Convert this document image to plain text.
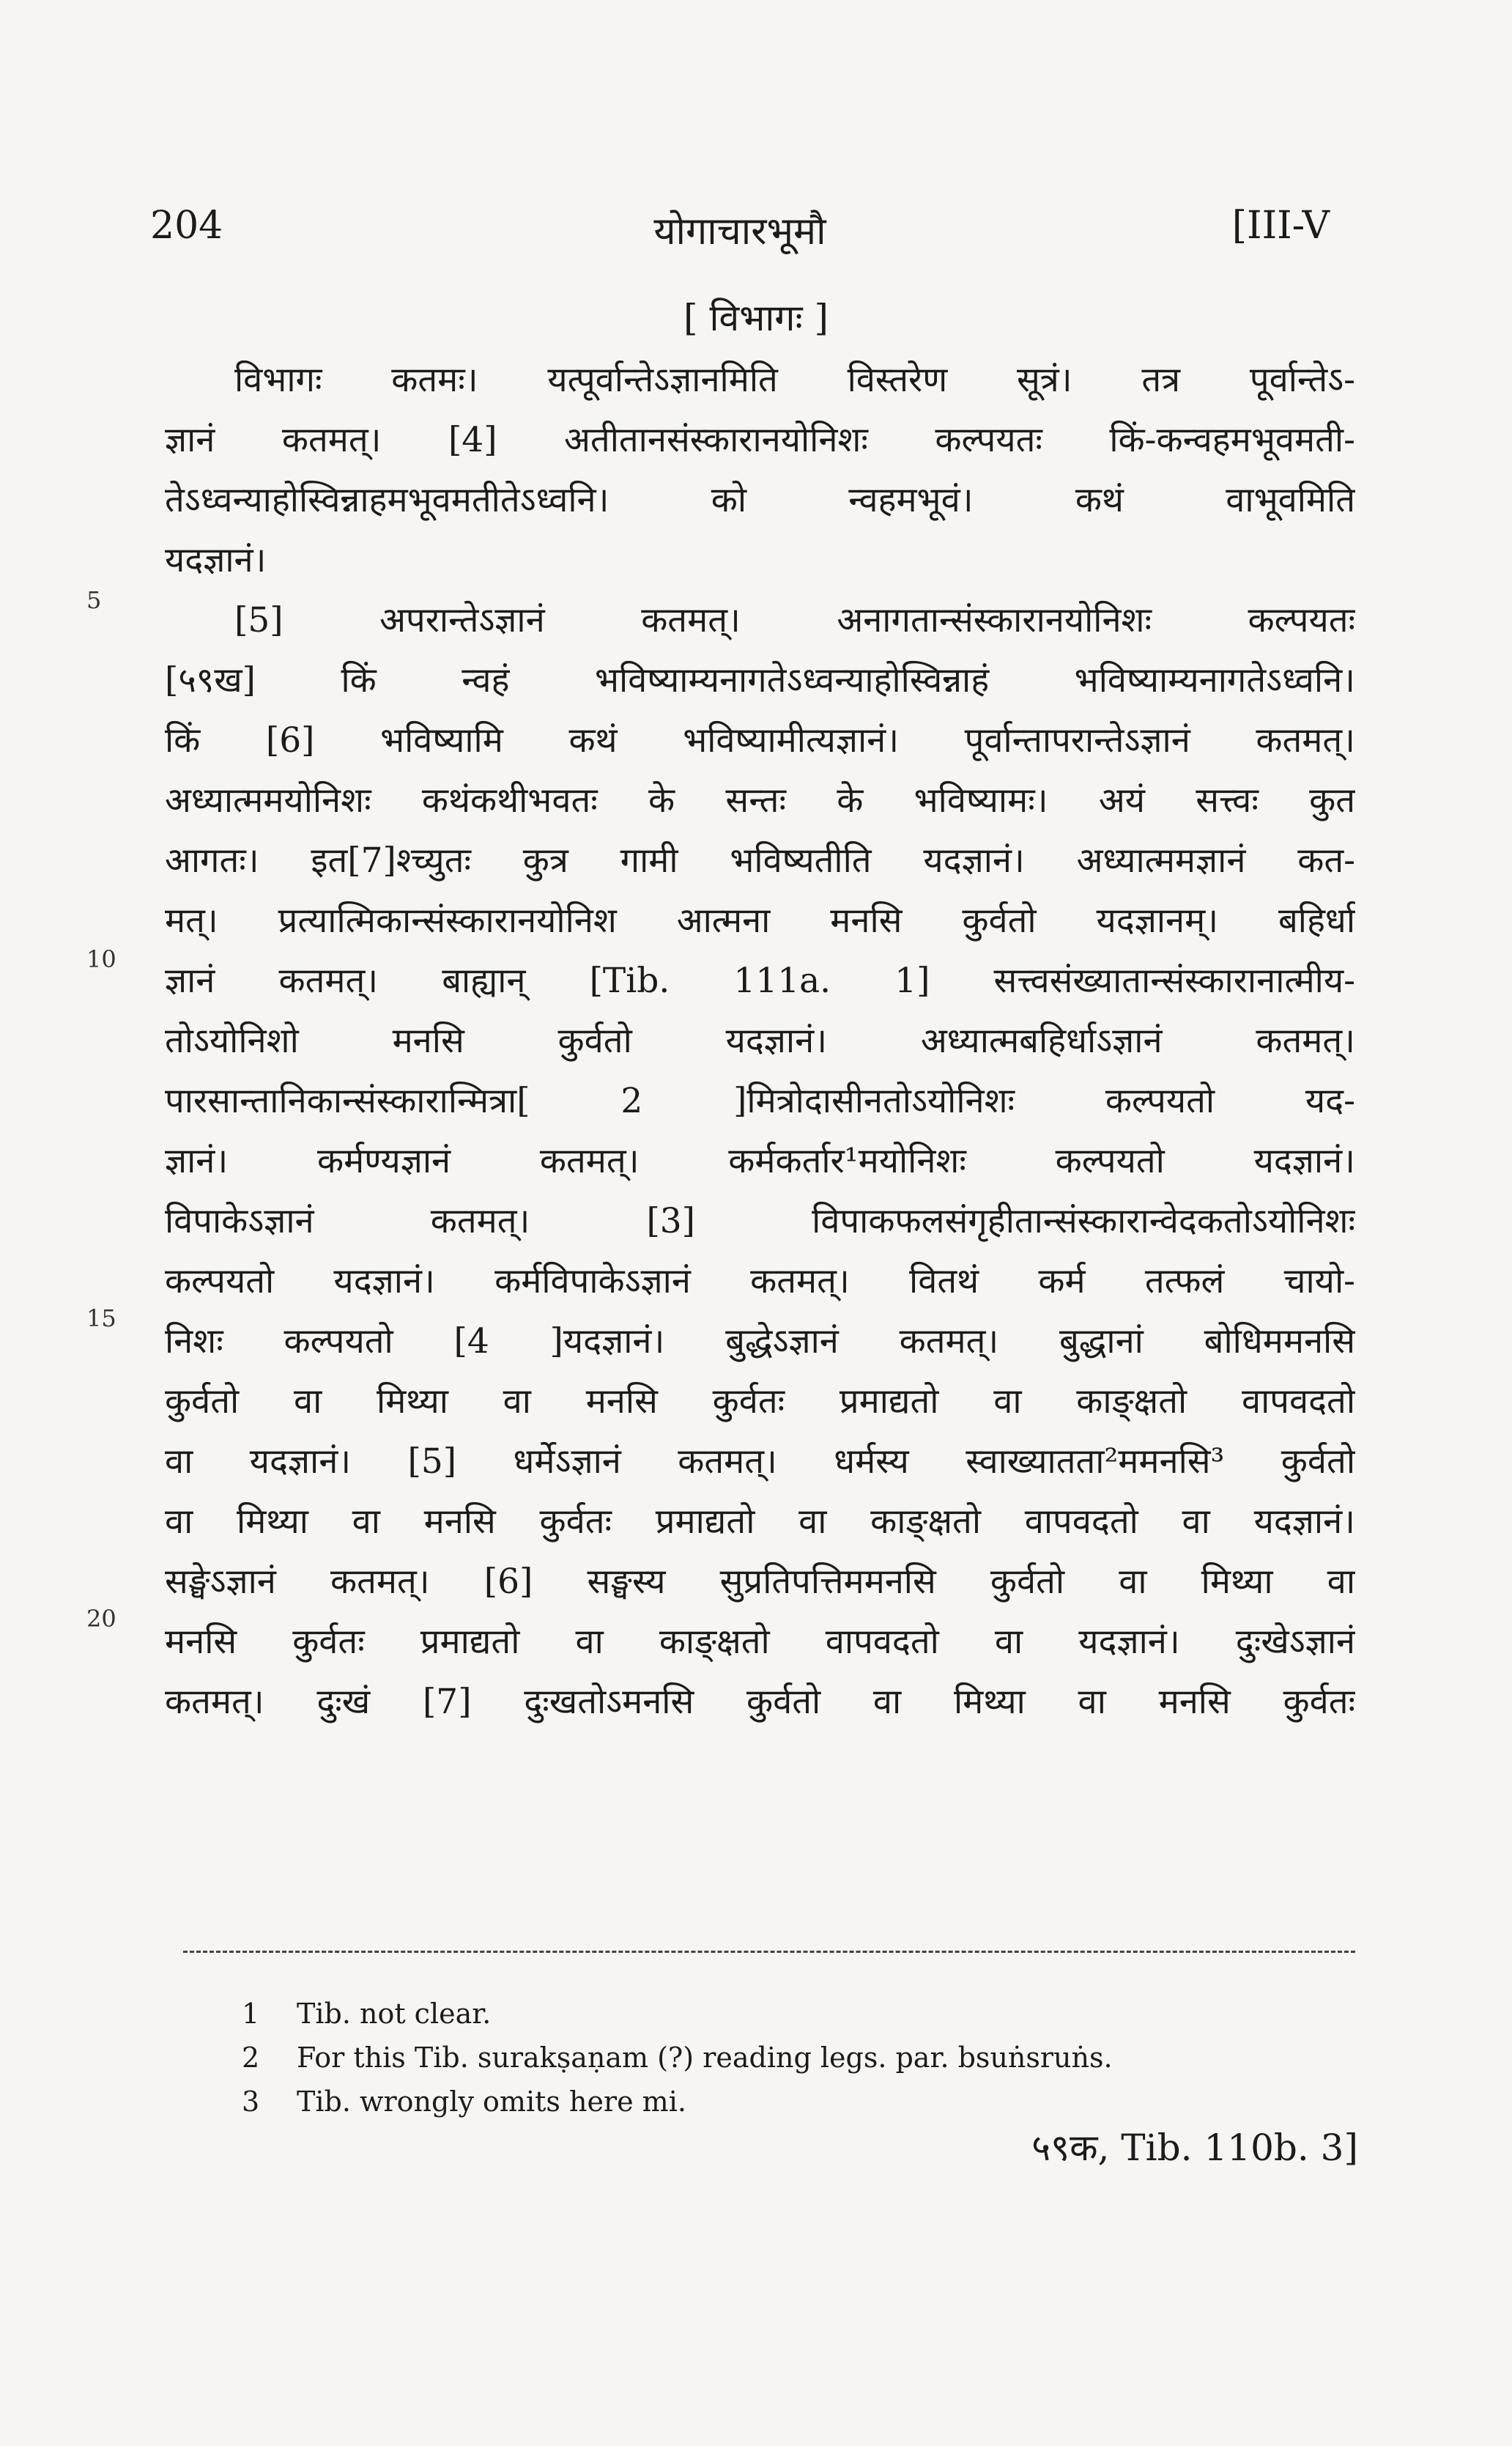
204	योगाचारभूमौ	[III-V
[ विभागः ]
विभागः कतमः। यत्पूर्वान्तेऽज्ञानमिति विस्तरेण सूत्रं। तत्र पूर्वान्तेऽ-
ज्ञानं कतमत्। [4] अतीतानसंस्कारानयोनिशः कल्पयतः किं-कन्वहमभूवमती-
तेऽध्वन्याहोस्विन्नाहमभूवमतीतेऽध्वनि। को न्वहमभूवं। कथं वाभूवमिति
यदज्ञानं।
[5] अपरान्तेऽज्ञानं कतमत्। अनागतान्संस्कारानयोनिशः कल्पयतः
[५९ख] किं न्वहं भविष्याम्यनागतेऽध्वन्याहोस्विन्नाहं भविष्याम्यनागतेऽध्वनि।
किं [6] भविष्यामि कथं भविष्यामीत्यज्ञानं। पूर्वान्तापरान्तेऽज्ञानं कतमत्।
अध्यात्ममयोनिशः कथंकथीभवतः के सन्तः के भविष्यामः। अयं सत्त्वः कुत
आगतः। इत[7]श्च्युतः कुत्र गामी भविष्यतीति यदज्ञानं। अध्यात्ममज्ञानं कत-
मत्। प्रत्यात्मिकान्संस्कारानयोनिश आत्मना मनसि कुर्वतो यदज्ञानम्। बहिर्धा
ज्ञानं कतमत्। बाह्यान् [Tib. 111a. 1] सत्त्वसंख्यातान्संस्कारानात्मीय-
तोऽयोनिशो मनसि कुर्वतो यदज्ञानं। अध्यात्मबहिर्धाऽज्ञानं कतमत्।
पारसान्तानिकान्संस्कारान्मित्रा[ 2 ]मित्रोदासीनतोऽयोनिशः कल्पयतो यद-
ज्ञानं। कर्मण्यज्ञानं कतमत्। कर्मकर्तार¹मयोनिशः कल्पयतो यदज्ञानं।
विपाकेऽज्ञानं कतमत्। [3] विपाकफलसंगृहीतान्संस्कारान्वेदकतोऽयोनिशः
कल्पयतो यदज्ञानं। कर्मविपाकेऽज्ञानं कतमत्। वितथं कर्म तत्फलं चायो-
निशः कल्पयतो [4 ]यदज्ञानं। बुद्धेऽज्ञानं कतमत्। बुद्धानां बोधिममनसि
कुर्वतो वा मिथ्या वा मनसि कुर्वतः प्रमाद्यतो वा काङ्क्षतो वापवदतो
वा यदज्ञानं। [5] धर्मेऽज्ञानं कतमत्। धर्मस्य स्वाख्यातता²ममनसि³ कुर्वतो
वा मिथ्या वा मनसि कुर्वतः प्रमाद्यतो वा काङ्क्षतो वापवदतो वा यदज्ञानं।
सङ्घेऽज्ञानं कतमत्। [6] सङ्घस्य सुप्रतिपत्तिममनसि कुर्वतो वा मिथ्या वा
मनसि कुर्वतः प्रमाद्यतो वा काङ्क्षतो वापवदतो वा यदज्ञानं। दुःखेऽज्ञानं
कतमत्। दुःखं [7] दुःखतोऽमनसि कुर्वतो वा मिथ्या वा मनसि कुर्वतः
5
10
15
20
1 Tib. not clear.
2 For this Tib. surakṣaṇam (?) reading legs. par. bsuṅsruṅs.
3 Tib. wrongly omits here mi.
५९क, Tib. 110b. 3]
